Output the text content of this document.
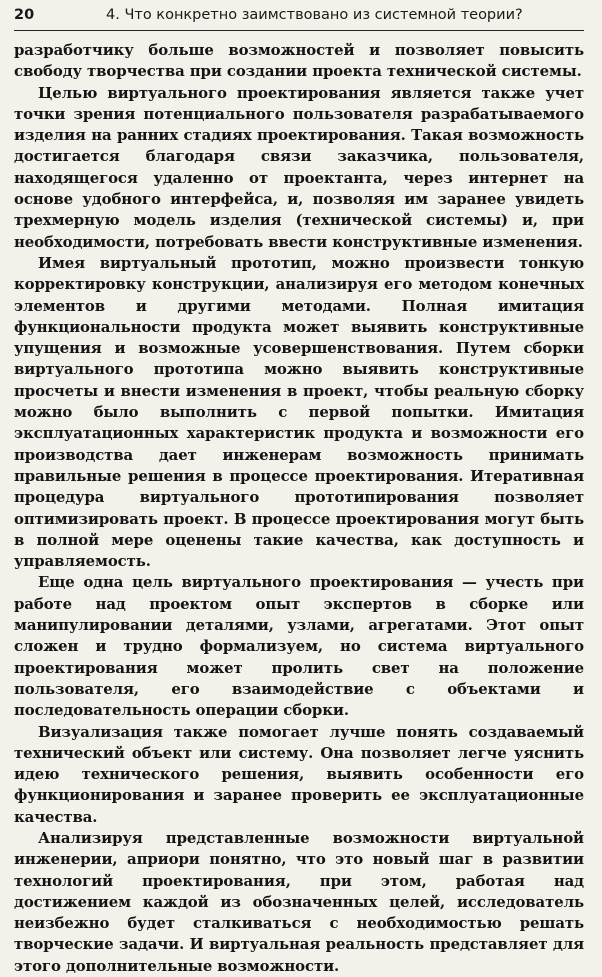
20	4. Что конкретно заимствовано из системной теории?

разработчику больше возможностей и позволяет повысить свободу творчества при создании проекта технической системы.

Целью виртуального проектирования является также учет точки зрения потенциального пользователя разрабатываемого изделия на ранних стадиях проектирования. Такая возможность достигается благодаря связи заказчика, пользователя, находящегося удаленно от проектанта, через интернет на основе удобного интерфейса, и, позволяя им заранее увидеть трехмерную модель изделия (технической системы) и, при необходимости, потребовать ввести конструктивные изменения.

Имея виртуальный прототип, можно произвести тонкую корректировку конструкции, анализируя его методом конечных элементов и другими методами. Полная имитация функциональности продукта может выявить конструктивные упущения и возможные усовершенствования. Путем сборки виртуального прототипа можно выявить конструктивные просчеты и внести изменения в проект, чтобы реальную сборку можно было выполнить с первой попытки. Имитация эксплуатационных характеристик продукта и возможности его производства дает инженерам возможность принимать правильные решения в процессе проектирования. Итеративная процедура виртуального прототипирования позволяет оптимизировать проект. В процессе проектирования могут быть в полной мере оценены такие качества, как доступность и управляемость.

Еще одна цель виртуального проектирования — учесть при работе над проектом опыт экспертов в сборке или манипулировании деталями, узлами, агрегатами. Этот опыт сложен и трудно формализуем, но система виртуального проектирования может пролить свет на положение пользователя, его взаимодействие с объектами и последовательность операции сборки.

Визуализация также помогает лучше понять создаваемый технический объект или систему. Она позволяет легче уяснить идею технического решения, выявить особенности его функционирования и заранее проверить ее эксплуатационные качества.

Анализируя представленные возможности виртуальной инженерии, априори понятно, что это новый шаг в развитии технологий проектирования, при этом, работая над достижением каждой из обозначенных целей, исследователь неизбежно будет сталкиваться с необходимостью решать творческие задачи. И виртуальная реальность представляет для этого дополнительные возможности.
